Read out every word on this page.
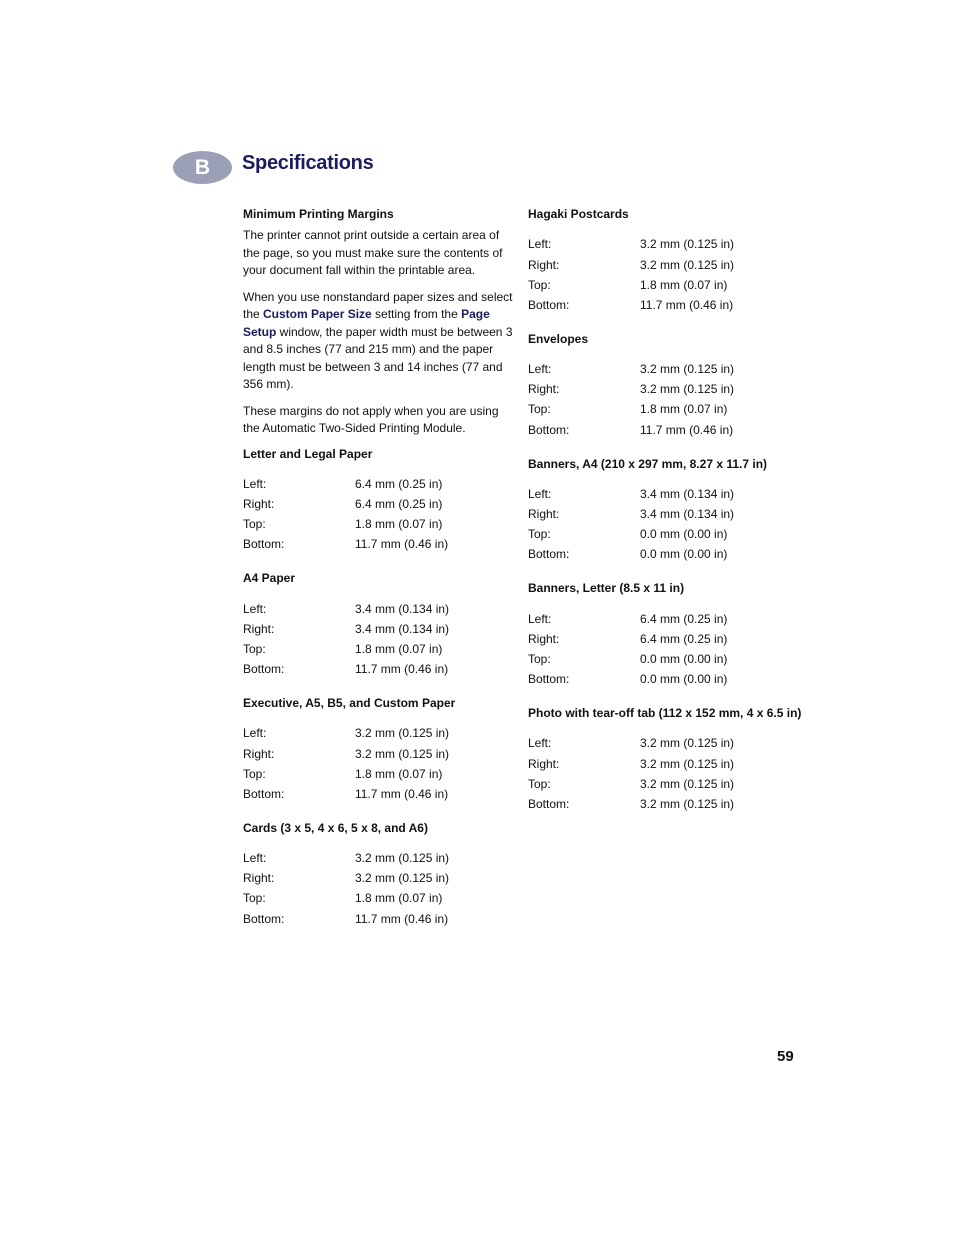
B Specifications
Minimum Printing Margins

The printer cannot print outside a certain area of the page, so you must make sure the contents of your document fall within the printable area.

When you use nonstandard paper sizes and select the Custom Paper Size setting from the Page Setup window, the paper width must be between 3 and 8.5 inches (77 and 215 mm) and the paper length must be between 3 and 14 inches (77 and 356 mm).

These margins do not apply when you are using the Automatic Two-Sided Printing Module.

Letter and Legal Paper
Left:	6.4 mm (0.25 in)
Right:	6.4 mm (0.25 in)
Top:	1.8 mm (0.07 in)
Bottom:	11.7 mm (0.46 in)
A4 Paper
Left:	3.4 mm (0.134 in)
Right:	3.4 mm (0.134 in)
Top:	1.8 mm (0.07 in)
Bottom:	11.7 mm (0.46 in)
Executive, A5, B5, and Custom Paper
Left:	3.2 mm (0.125 in)
Right:	3.2 mm (0.125 in)
Top:	1.8 mm (0.07 in)
Bottom:	11.7 mm (0.46 in)
Cards (3 x 5, 4 x 6, 5 x 8, and A6)
Left:	3.2 mm (0.125 in)
Right:	3.2 mm (0.125 in)
Top:	1.8 mm (0.07 in)
Bottom:	11.7 mm (0.46 in)
Hagaki Postcards
Left:	3.2 mm (0.125 in)
Right:	3.2 mm (0.125 in)
Top:	1.8 mm (0.07 in)
Bottom:	11.7 mm (0.46 in)
Envelopes
Left:	3.2 mm (0.125 in)
Right:	3.2 mm (0.125 in)
Top:	1.8 mm (0.07 in)
Bottom:	11.7 mm (0.46 in)
Banners, A4 (210 x 297 mm, 8.27 x 11.7 in)
Left:	3.4 mm (0.134 in)
Right:	3.4 mm (0.134 in)
Top:	0.0 mm (0.00 in)
Bottom:	0.0 mm (0.00 in)
Banners, Letter (8.5 x 11 in)
Left:	6.4 mm (0.25 in)
Right:	6.4 mm (0.25 in)
Top:	0.0 mm (0.00 in)
Bottom:	0.0 mm (0.00 in)
Photo with tear-off tab (112 x 152 mm, 4 x 6.5 in)
Left:	3.2 mm (0.125 in)
Right:	3.2 mm (0.125 in)
Top:	3.2 mm (0.125 in)
Bottom:	3.2 mm (0.125 in)
59
